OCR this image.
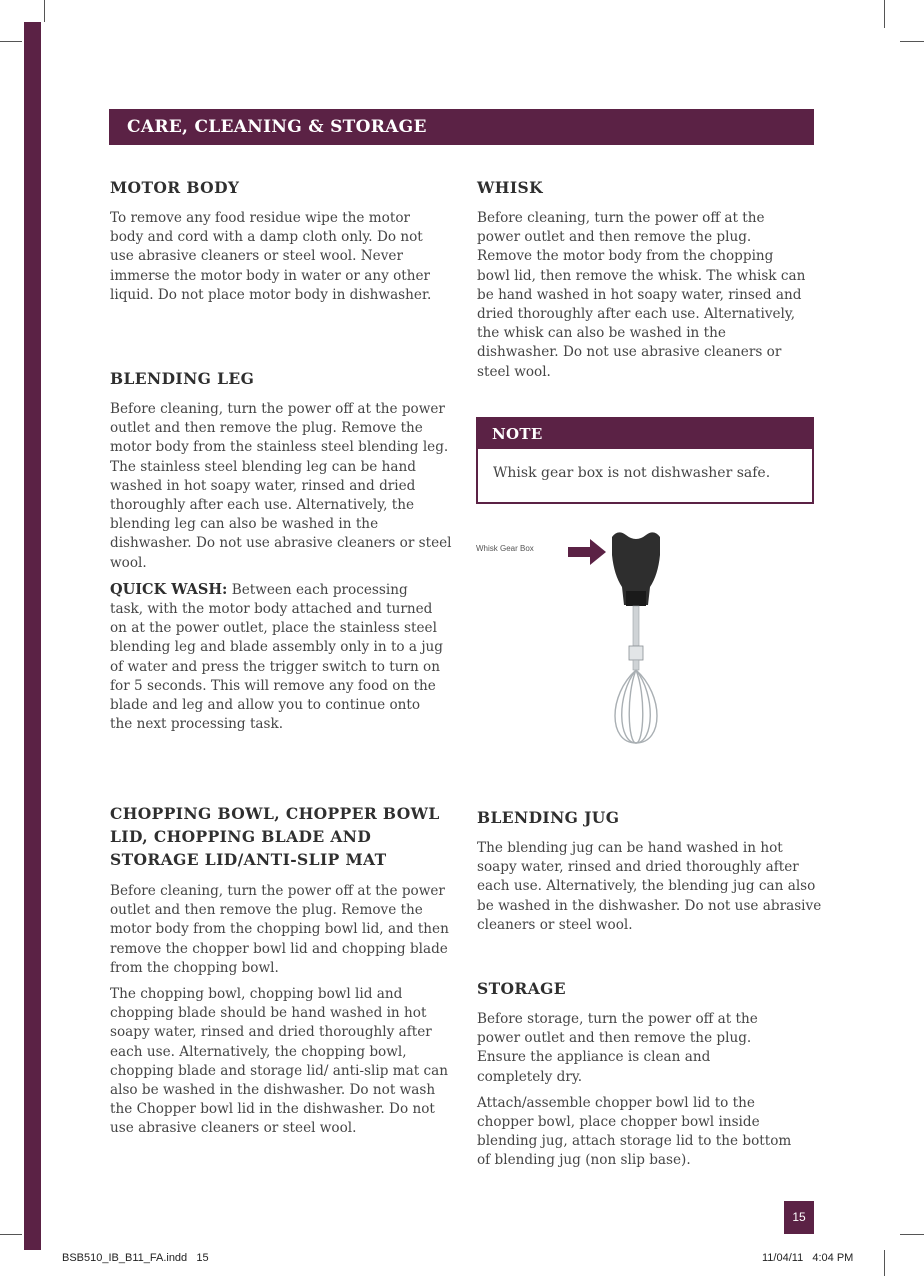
CARE, CLEANING & STORAGE
MOTOR BODY

To remove any food residue wipe the motor body and cord with a damp cloth only. Do not use abrasive cleaners or steel wool. Never immerse the motor body in water or any other liquid. Do not place motor body in dishwasher.

BLENDING LEG

Before cleaning, turn the power off at the power outlet and then remove the plug. Remove the motor body from the stainless steel blending leg. The stainless steel blending leg can be hand washed in hot soapy water, rinsed and dried thoroughly after each use. Alternatively, the blending leg can also be washed in the dishwasher. Do not use abrasive cleaners or steel wool.

QUICK WASH: Between each processing task, with the motor body attached and turned on at the power outlet, place the stainless steel blending leg and blade assembly only in to a jug of water and press the trigger switch to turn on for 5 seconds. This will remove any food on the blade and leg and allow you to continue onto the next processing task.

CHOPPING BOWL, CHOPPER BOWL LID, CHOPPING BLADE AND STORAGE LID/ANTI-SLIP MAT

Before cleaning, turn the power off at the power outlet and then remove the plug. Remove the motor body from the chopping bowl lid, and then remove the chopper bowl lid and chopping blade from the chopping bowl.

The chopping bowl, chopping bowl lid and chopping blade should be hand washed in hot soapy water, rinsed and dried thoroughly after each use. Alternatively, the chopping bowl, chopping blade and storage lid/ anti-slip mat can also be washed in the dishwasher. Do not wash the Chopper bowl lid in the dishwasher. Do not use abrasive cleaners or steel wool.

WHISK

Before cleaning, turn the power off at the power outlet and then remove the plug. Remove the motor body from the chopping bowl lid, then remove the whisk. The whisk can be hand washed in hot soapy water, rinsed and dried thoroughly after each use. Alternatively, the whisk can also be washed in the dishwasher. Do not use abrasive cleaners or steel wool.

NOTE
Whisk gear box is not dishwasher safe.
Whisk Gear Box
BLENDING JUG

The blending jug can be hand washed in hot soapy water, rinsed and dried thoroughly after each use. Alternatively, the blending jug can also be washed in the dishwasher. Do not use abrasive cleaners or steel wool.

STORAGE

Before storage, turn the power off at the power outlet and then remove the plug. Ensure the appliance is clean and completely dry.

Attach/assemble chopper bowl lid to the chopper bowl, place chopper bowl inside blending jug, attach storage lid to the bottom of blending jug (non slip base).

15
BSB510_IB_B11_FA.indd   15	11/04/11   4:04 PM
